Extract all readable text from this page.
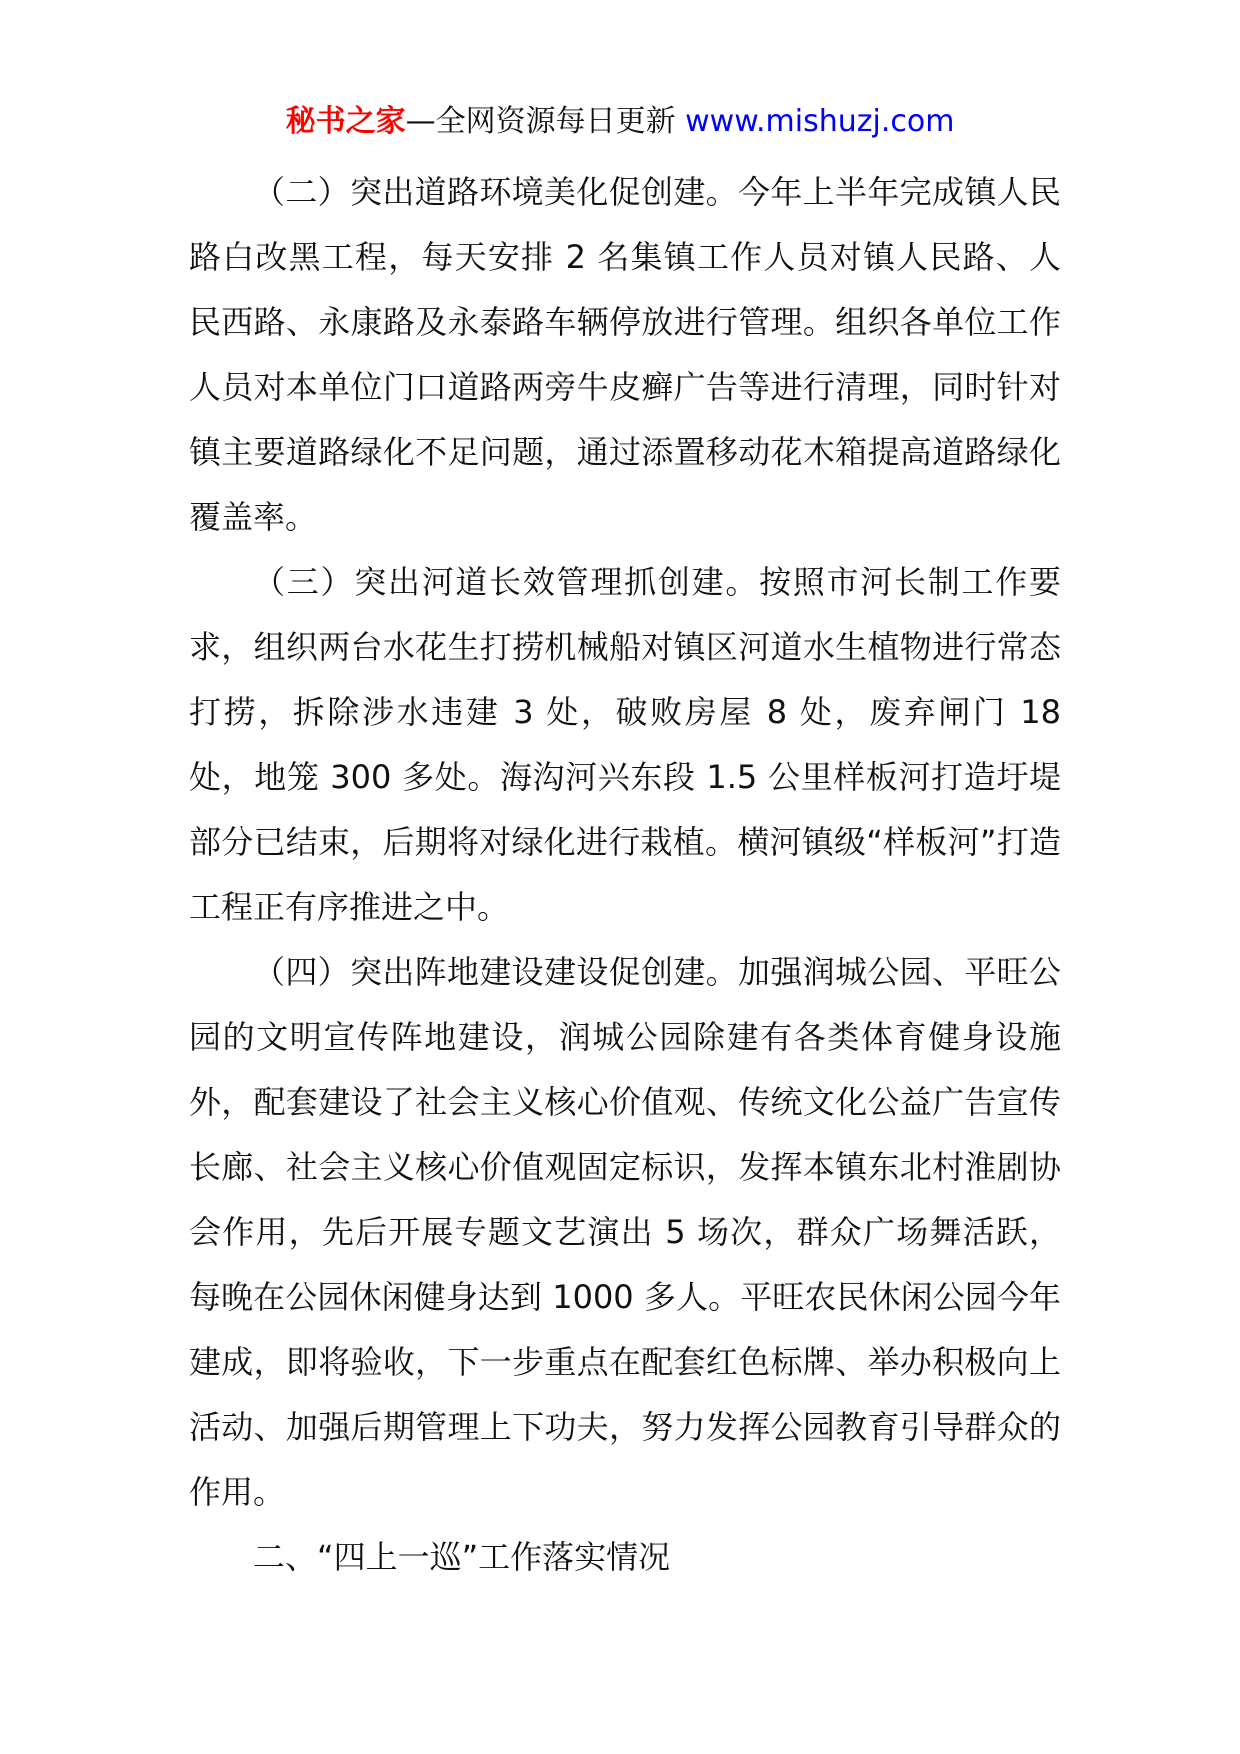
秘书之家—全网资源每日更新 www.mishuzj.com

（二）突出道路环境美化促创建。今年上半年完成镇人民路白改黑工程，每天安排 2 名集镇工作人员对镇人民路、人民西路、永康路及永泰路车辆停放进行管理。组织各单位工作人员对本单位门口道路两旁牛皮癣广告等进行清理，同时针对镇主要道路绿化不足问题，通过添置移动花木箱提高道路绿化覆盖率。

（三）突出河道长效管理抓创建。按照市河长制工作要求，组织两台水花生打捞机械船对镇区河道水生植物进行常态打捞，拆除涉水违建 3 处，破败房屋 8 处，废弃闸门 18 处，地笼 300 多处。海沟河兴东段 1.5 公里样板河打造圩堤部分已结束，后期将对绿化进行栽植。横河镇级“样板河”打造工程正有序推进之中。

（四）突出阵地建设建设促创建。加强润城公园、平旺公园的文明宣传阵地建设，润城公园除建有各类体育健身设施外，配套建设了社会主义核心价值观、传统文化公益广告宣传长廊、社会主义核心价值观固定标识，发挥本镇东北村淮剧协会作用，先后开展专题文艺演出 5 场次，群众广场舞活跃，每晚在公园休闲健身达到 1000 多人。平旺农民休闲公园今年建成，即将验收，下一步重点在配套红色标牌、举办积极向上活动、加强后期管理上下功夫，努力发挥公园教育引导群众的作用。

二、“四上一巡”工作落实情况
